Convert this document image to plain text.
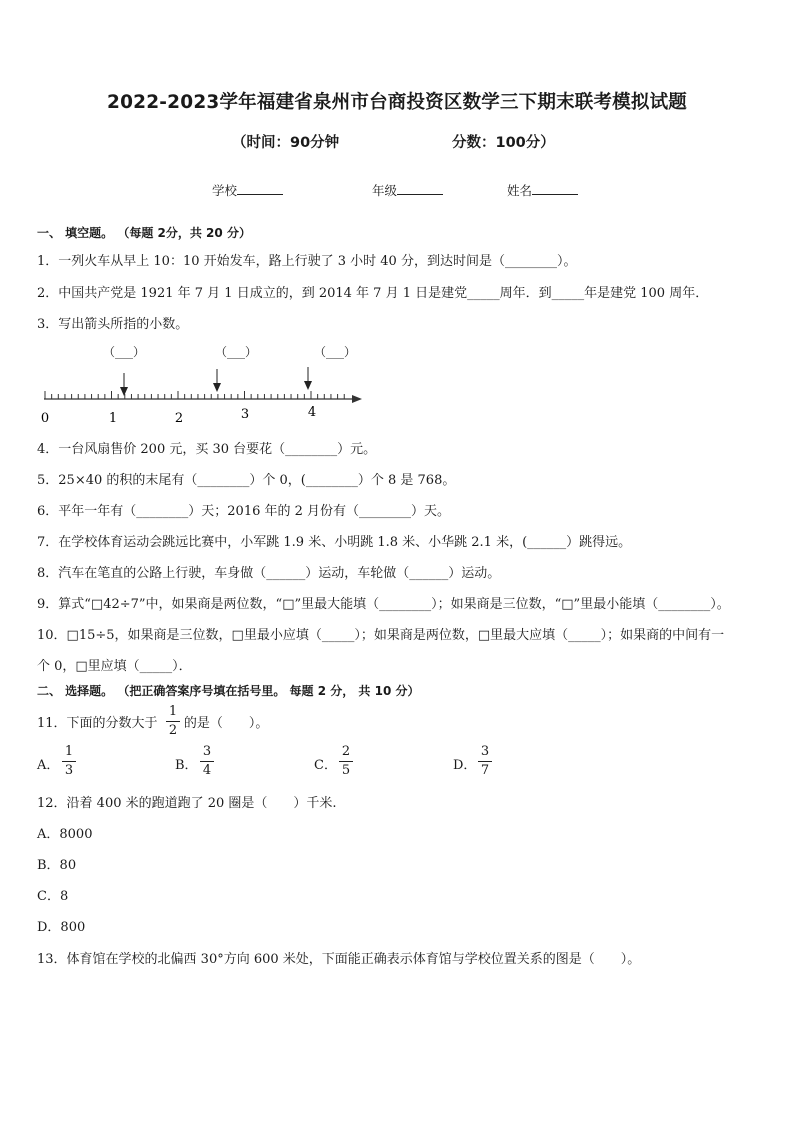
2022-2023学年福建省泉州市台商投资区数学三下期末联考模拟试题
（时间：90分钟	分数：100分）
学校	年级	姓名
一、 填空题。 （每题 2分，共 20 分）
1．一列火车从早上 10：10 开始发车，路上行驶了 3 小时 40 分，到达时间是（________）。
2．中国共产党是 1921 年 7 月 1 日成立的，到 2014 年 7 月 1 日是建党_____周年．到_____年是建党 100 周年．
3．写出箭头所指的小数。
（___）	（___）	（___）
0	1	2	3	4
4．一台风扇售价 200 元，买 30 台要花（________）元。
5．25×40 的积的末尾有（________）个 0，(________）个 8 是 768。
6．平年一年有（________）天；2016 年的 2 月份有（________）天。
7．在学校体育运动会跳远比赛中，小军跳 1.9 米、小明跳 1.8 米、小华跳 2.1 米，(______）跳得远。
8．汽车在笔直的公路上行驶，车身做（______）运动，车轮做（______）运动。
9．算式“□42÷7”中，如果商是两位数，“□”里最大能填（________）；如果商是三位数，“□”里最小能填（________）。
10．□15÷5，如果商是三位数，□里最小应填（_____）；如果商是两位数，□里最大应填（_____）；如果商的中间有一
个 0，□里应填（_____）．
二、 选择题。 （把正确答案序号填在括号里。 每题 2 分， 共 10 分）
11．下面的分数大于 的是（　　）。
1
2
A．
1
3	B．
3
4	C．
2
5	D．
3
7
12．沿着 400 米的跑道跑了 20 圈是（　　）千米.
A．8000
B．80
C．8
D．800
13．体育馆在学校的北偏西 30°方向 600 米处，下面能正确表示体育馆与学校位置关系的图是（　　）。
